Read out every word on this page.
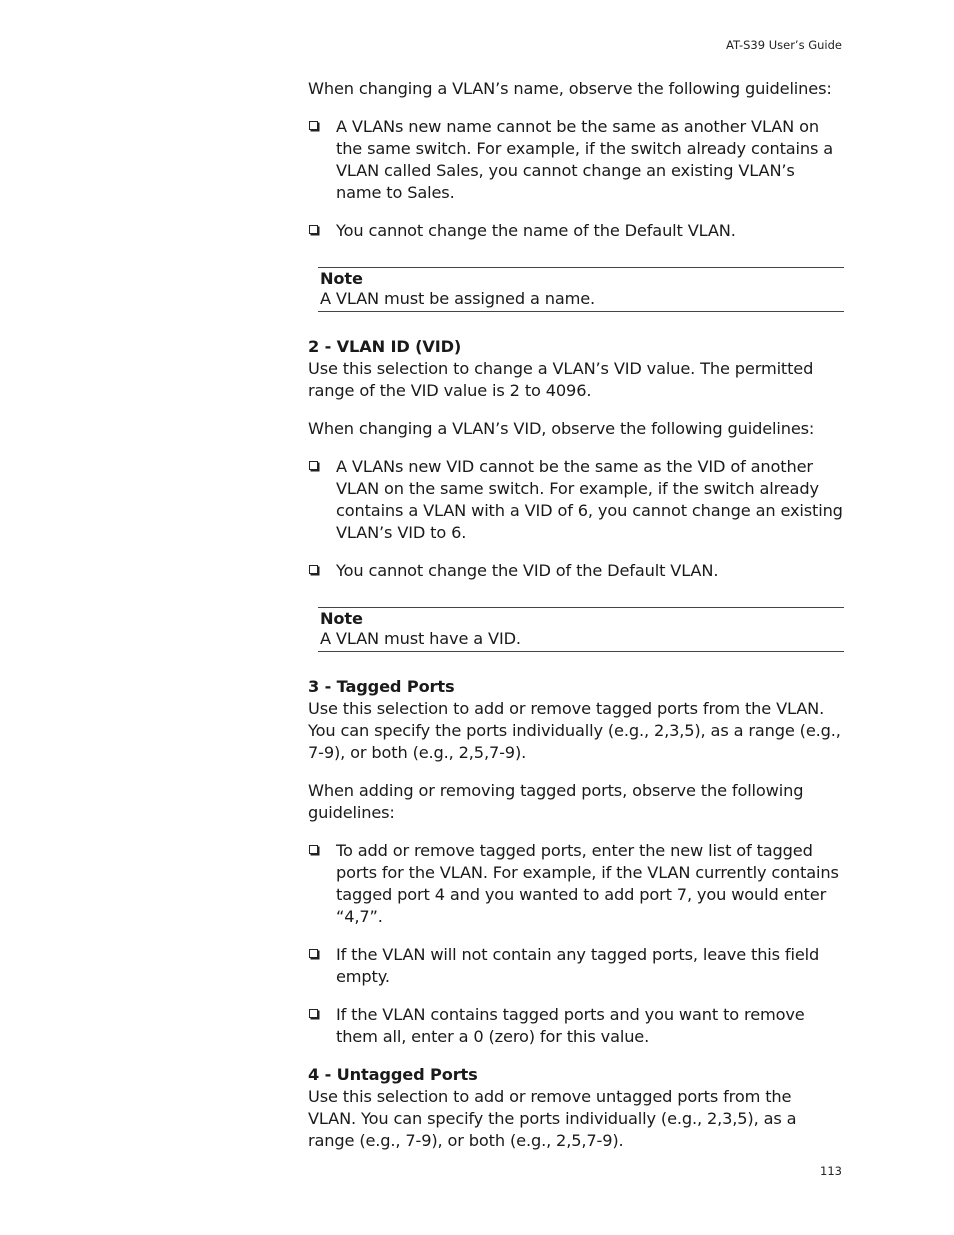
AT-S39 User’s Guide

When changing a VLAN’s name, observe the following guidelines:

A VLANs new name cannot be the same as another VLAN on the same switch. For example, if the switch already contains a VLAN called Sales, you cannot change an existing VLAN’s name to Sales.
You cannot change the name of the Default VLAN.
Note
A VLAN must be assigned a name.
2 - VLAN ID (VID)

Use this selection to change a VLAN’s VID value. The permitted range of the VID value is 2 to 4096.

When changing a VLAN’s VID, observe the following guidelines:

A VLANs new VID cannot be the same as the VID of another VLAN on the same switch. For example, if the switch already contains a VLAN with a VID of 6, you cannot change an existing VLAN’s VID to 6.
You cannot change the VID of the Default VLAN.
Note
A VLAN must have a VID.
3 - Tagged Ports

Use this selection to add or remove tagged ports from the VLAN. You can specify the ports individually (e.g., 2,3,5), as a range (e.g., 7-9), or both (e.g., 2,5,7-9).

When adding or removing tagged ports, observe the following guidelines:

To add or remove tagged ports, enter the new list of tagged ports for the VLAN. For example, if the VLAN currently contains tagged port 4 and you wanted to add port 7, you would enter “4,7”.
If the VLAN will not contain any tagged ports, leave this field empty.
If the VLAN contains tagged ports and you want to remove them all, enter a 0 (zero) for this value.
4 - Untagged Ports

Use this selection to add or remove untagged ports from the VLAN. You can specify the ports individually (e.g., 2,3,5), as a range (e.g., 7-9), or both (e.g., 2,5,7-9).

113
